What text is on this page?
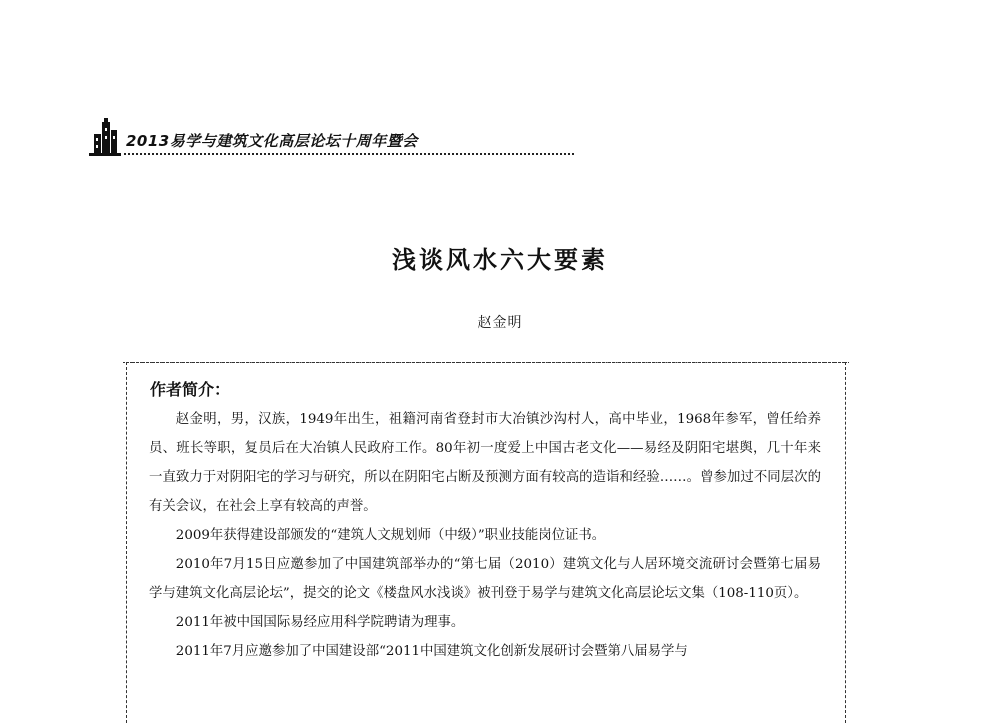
2013易学与建筑文化高层论坛十周年暨会
浅谈风水六大要素
赵金明
作者简介：

赵金明，男，汉族，1949年出生，祖籍河南省登封市大冶镇沙沟村人，高中毕业，1968年参军，曾任给养员、班长等职，复员后在大冶镇人民政府工作。80年初一度爱上中国古老文化——易经及阴阳宅堪舆，几十年来一直致力于对阴阳宅的学习与研究，所以在阴阳宅占断及预测方面有较高的造诣和经验……。曾参加过不同层次的有关会议，在社会上享有较高的声誉。

2009年获得建设部颁发的“建筑人文规划师（中级）”职业技能岗位证书。

2010年7月15日应邀参加了中国建筑部举办的“第七届（2010）建筑文化与人居环境交流研讨会暨第七届易学与建筑文化高层论坛”，提交的论文《楼盘风水浅谈》被刊登于易学与建筑文化高层论坛文集（108-110页）。

2011年被中国国际易经应用科学院聘请为理事。

2011年7月应邀参加了中国建设部“2011中国建筑文化创新发展研讨会暨第八届易学与
